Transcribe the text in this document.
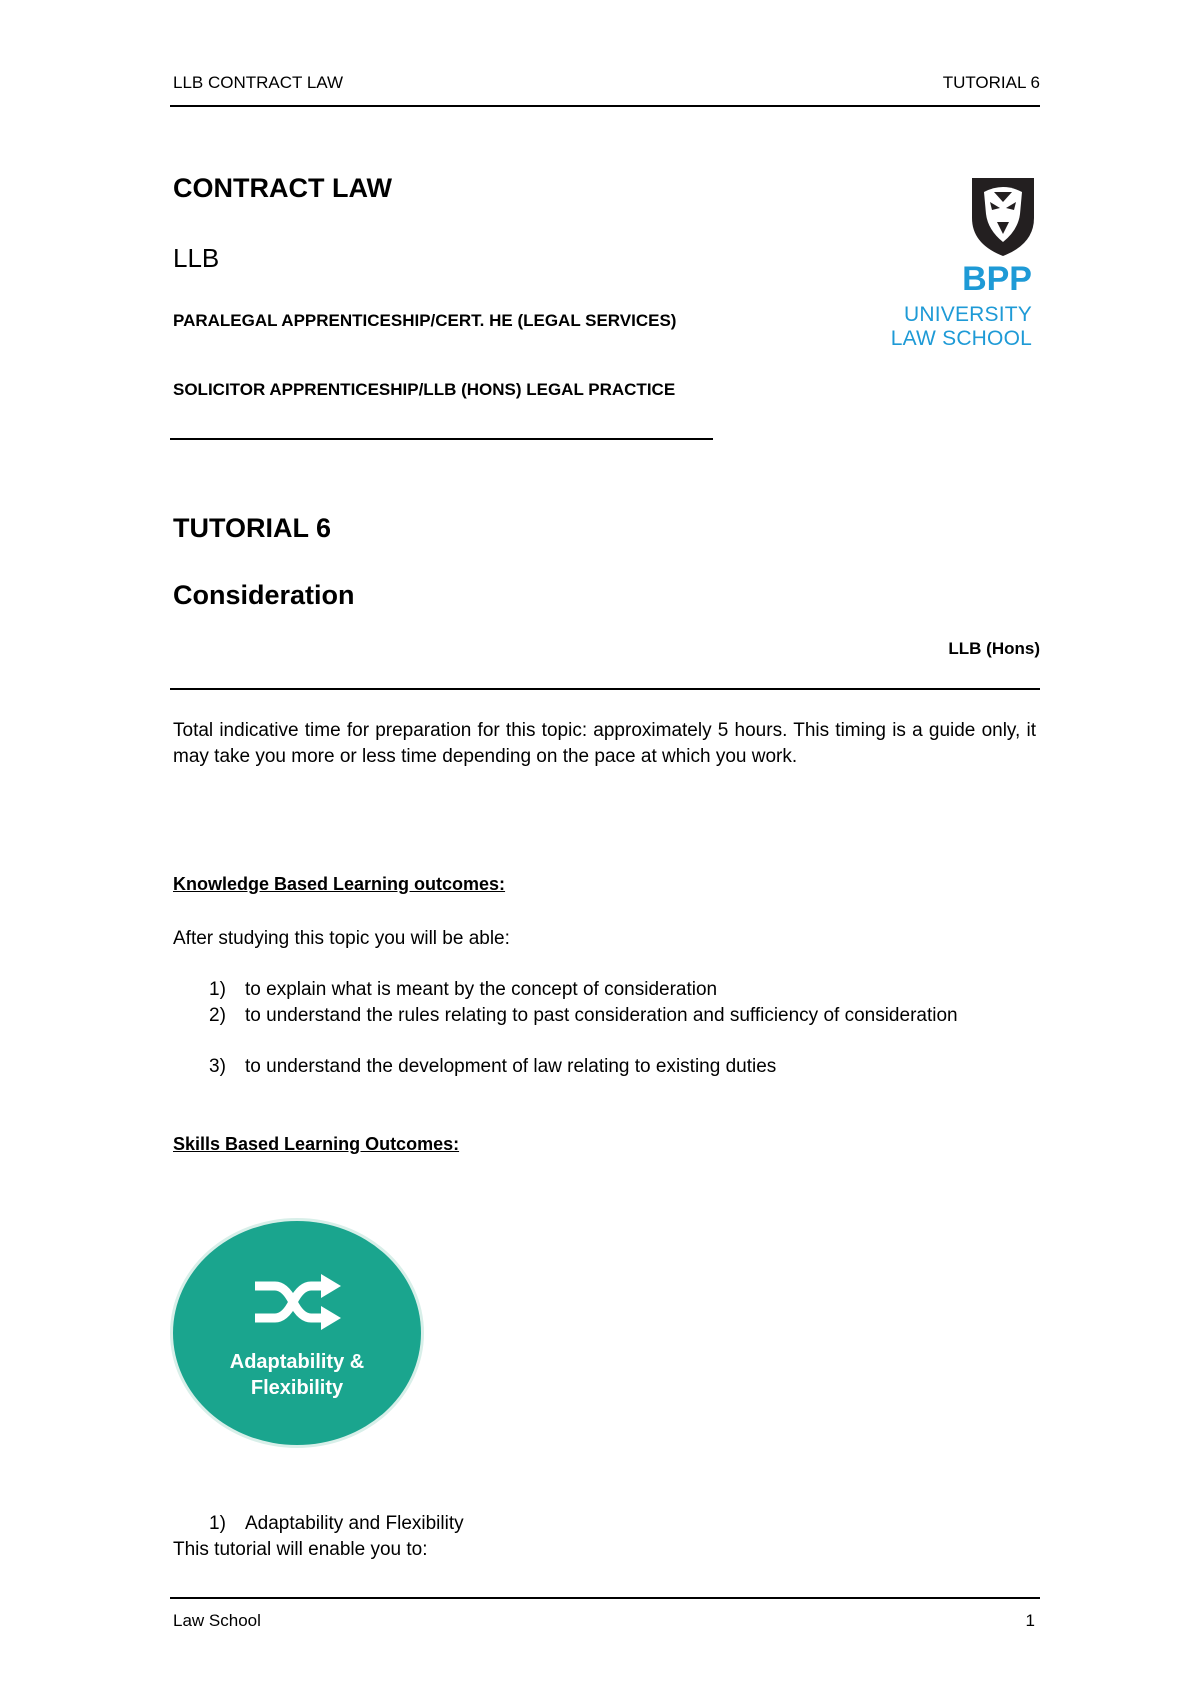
LLB CONTRACT LAW	TUTORIAL 6
CONTRACT LAW
LLB
PARALEGAL APPRENTICESHIP/CERT. HE (LEGAL SERVICES)
SOLICITOR APPRENTICESHIP/LLB (HONS) LEGAL PRACTICE
BPP
UNIVERSITY
LAW SCHOOL
TUTORIAL 6
Consideration
LLB (Hons)
Total indicative time for preparation for this topic: approximately 5 hours. This timing is a guide only, it may take you more or less time depending on the pace at which you work.
Knowledge Based Learning outcomes:
After studying this topic you will be able:
1)	to explain what is meant by the concept of consideration
2)	to understand the rules relating to past consideration and sufficiency of consideration
3)	to understand the development of law relating to existing duties
Skills Based Learning Outcomes:
Adaptability &
Flexibility
1)	Adaptability and Flexibility
This tutorial will enable you to:
Law School	1
